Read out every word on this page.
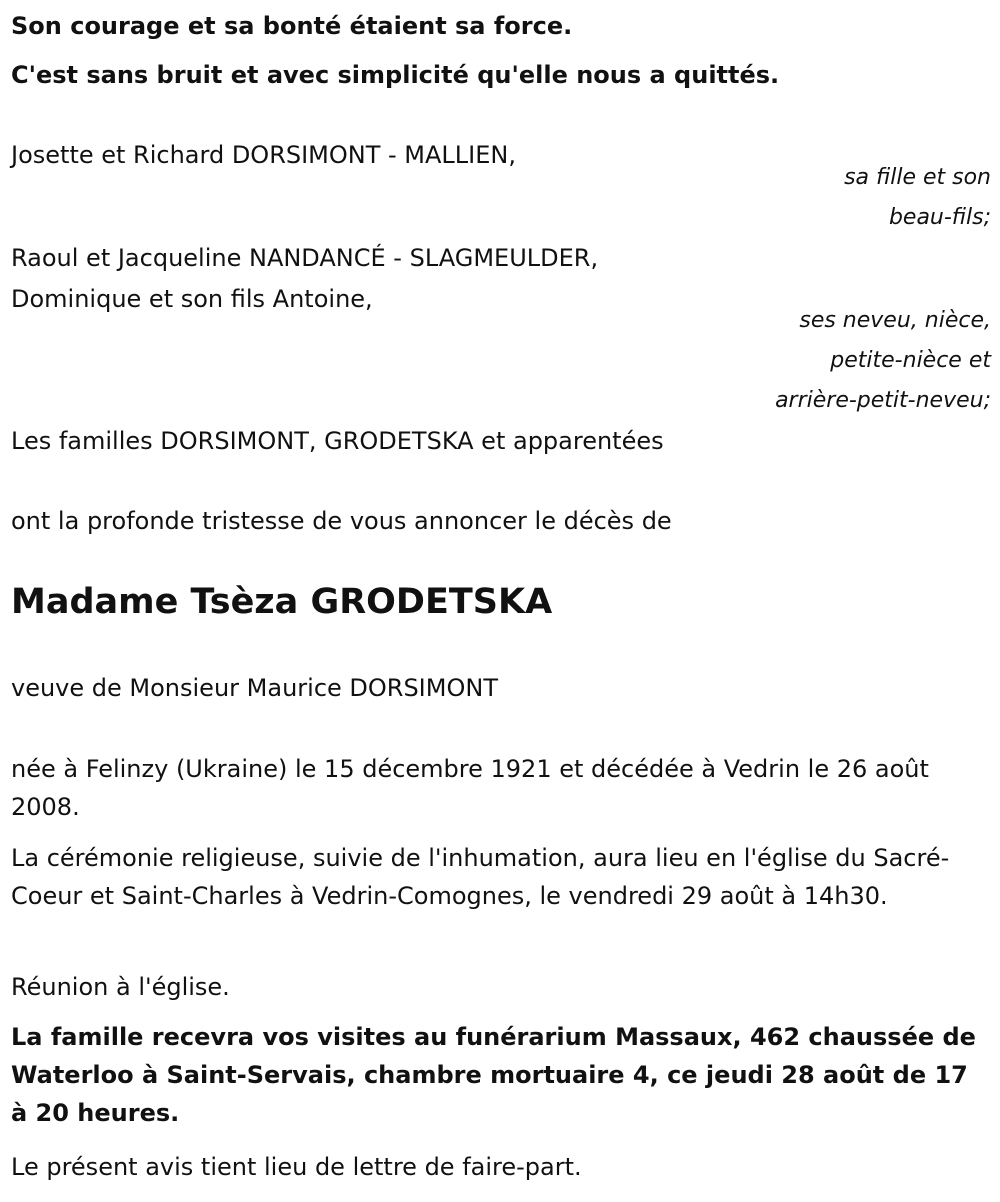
Son courage et sa bonté étaient sa force.
C'est sans bruit et avec simplicité qu'elle nous a quittés.
Josette et Richard DORSIMONT - MALLIEN,
sa fille et son
beau-fils;
Raoul et Jacqueline NANDANCÉ - SLAGMEULDER,
Dominique et son fils Antoine,
ses neveu, nièce,
petite-nièce et
arrière-petit-neveu;
Les familles DORSIMONT, GRODETSKA et apparentées
ont la profonde tristesse de vous annoncer le décès de
Madame Tsèza GRODETSKA
veuve de Monsieur Maurice DORSIMONT
née à Felinzy (Ukraine) le 15 décembre 1921 et décédée à Vedrin le 26 août 2008.
La cérémonie religieuse, suivie de l'inhumation, aura lieu en l'église du Sacré-Coeur et Saint-Charles à Vedrin-Comognes, le vendredi 29 août à 14h30.
Réunion à l'église.
La famille recevra vos visites au funérarium Massaux, 462 chaussée de Waterloo à Saint-Servais, chambre mortuaire 4, ce jeudi 28 août de 17 à 20 heures.
Le présent avis tient lieu de lettre de faire-part.
